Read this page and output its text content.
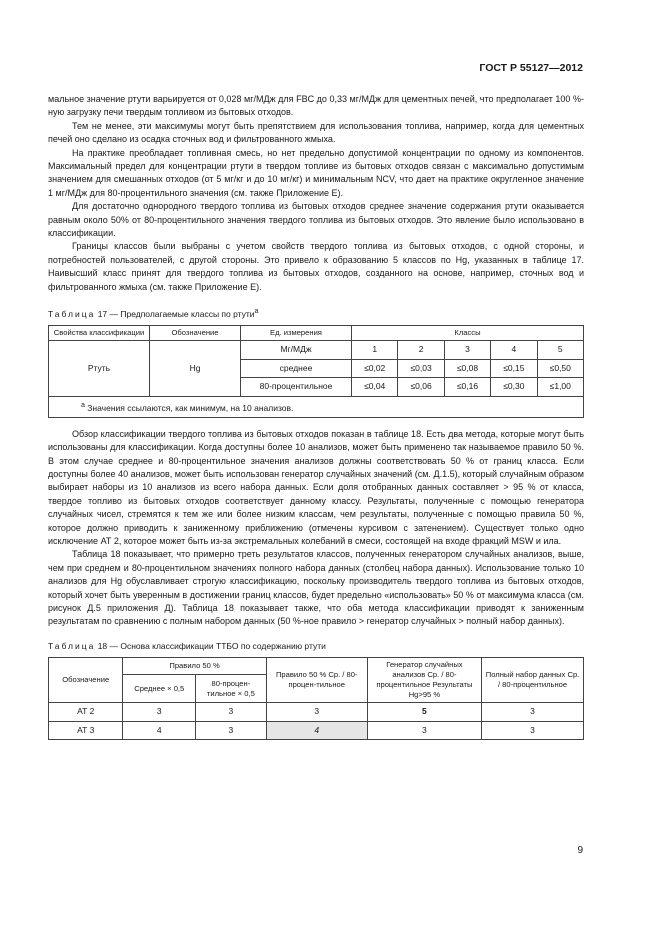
ГОСТ Р 55127—2012

мальное значение ртути варьируется от 0,028 мг/МДж для FBC до 0,33 мг/МДж для цементных печей, что предполагает 100 %-ную загрузку печи твердым топливом из бытовых отходов.

Тем не менее, эти максимумы могут быть препятствием для использования топлива, например, когда для цементных печей оно сделано из осадка сточных вод и фильтрованного жмыха.

На практике преобладает топливная смесь, но нет предельно допустимой концентрации по одному из компонентов. Максимальный предел для концентрации ртути в твердом топливе из бытовых отходов связан с максимально допустимым значением для смешанных отходов (от 5 мг/кг и до 10 мг/кг) и минимальным NCV, что дает на практике округленное значение 1 мг/МДж для 80-процентильного значения (см. также Приложение Е).

Для достаточно однородного твердого топлива из бытовых отходов среднее значение содержания ртути оказывается равным около 50% от 80-процентильного значения твердого топлива из бытовых отходов. Это явление было использовано в классификации.

Границы классов были выбраны с учетом свойств твердого топлива из бытовых отходов, с одной стороны, и потребностей пользователей, с другой стороны. Это привело к образованию 5 классов по Hg, указанных в таблице 17. Наивысший класс принят для твердого топлива из бытовых отходов, созданного на основе, например, сточных вод и фильтрованного жмыха (см. также Приложение Е).

Таблица 17 — Предполагаемые классы по ртути$^а$
Свойства классификации	Обозначение	Ед. измерения	Классы				
Ртуть	Hg	Мг/МДж	1	2	3	4	5
		среднее	≤0,02	≤0,03	≤0,08	≤0,15	≤0,50
		80-процентильное	≤0,04	≤0,06	≤0,16	≤0,30	≤1,00
$^а$ Значения ссылаются, как минимум, на 10 анализов.							

Обзор классификации твердого топлива из бытовых отходов показан в таблице 18. Есть два метода, которые могут быть использованы для классификации. Когда доступны более 10 анализов, может быть применено так называемое правило 50 %. В этом случае среднее и 80-процентильное значения анализов должны соответствовать 50 % от границ класса. Если доступны более 40 анализов, может быть использован генератор случайных значений (см. Д.1.5), который случайным образом выбирает наборы из 10 анализов из всего набора данных. Если доля отобранных данных составляет > 95 % от класса, твердое топливо из бытовых отходов соответствует данному классу. Результаты, полученные с помощью генератора случайных чисел, стремятся к тем же или более низким классам, чем результаты, полученные с помощью правила 50 %, которое должно приводить к заниженному приближению (отмечены курсивом с затенением). Существует только одно исключение АТ 2, которое может быть из-за экстремальных колебаний в смеси, состоящей на входе фракций MSW и ила.

Таблица 18 показывает, что примерно треть результатов классов, полученных генератором случайных анализов, выше, чем при среднем и 80-процентильном значениях полного набора данных (столбец набора данных). Использование только 10 анализов для Hg обуславливает строгую классификацию, поскольку производитель твердого топлива из бытовых отходов, который хочет быть уверенным в достижении границ классов, будет предельно «использовать» 50 % от максимума класса (см. рисунок Д.5 приложения Д). Таблица 18 показывает также, что оба метода классификации приводят к заниженным результатам по сравнению с полным набором данных (50 %-ное правило > генератор случайных > полный набор данных).

Таблица 18 — Основа классификации ТТБО по содержанию ртути
Обозначение	Правило 50 %		Правило 50 % Ср. / 80-процен-тильное	Генератор случайных анализов Ср. / 80-процентильное Результаты Hg>95 %	Полный набор данных Ср. / 80-процентильное
	Среднее × 0,5	80-процен-тильное × 0,5			
АТ 2	3	3	3	5	3
АТ 3	4	3	4	3	3
9
